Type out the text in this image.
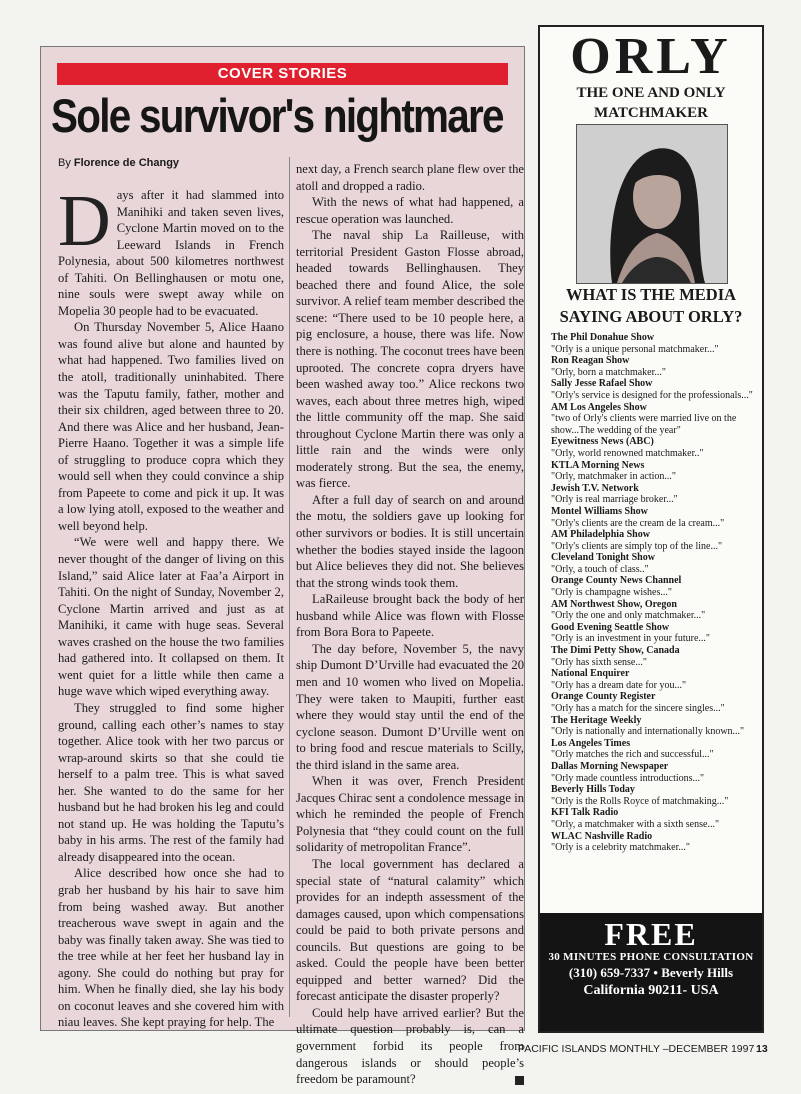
COVER STORIES
Sole survivor's nightmare
By Florence de Changy

Days after it had slammed into Manihiki and taken seven lives, Cyclone Martin moved on to the Leeward Islands in French Polynesia, about 500 kilometres northwest of Tahiti. On Bellinghausen or motu one, nine souls were swept away while on Mopelia 30 people had to be evacuated.

On Thursday November 5, Alice Haano was found alive but alone and haunted by what had happened. Two families lived on the atoll, traditionally uninhabited. There was the Taputu family, father, mother and their six children, aged between three to 20. And there was Alice and her husband, Jean-Pierre Haano. Together it was a simple life of struggling to produce copra which they would sell when they could convince a ship from Papeete to come and pick it up. It was a low lying atoll, exposed to the weather and well beyond help.

“We were well and happy there. We never thought of the danger of living on this Island,” said Alice later at Faa’a Airport in Tahiti. On the night of Sunday, November 2, Cyclone Martin arrived and just as at Manihiki, it came with huge seas. Several waves crashed on the house the two families had gathered into. It collapsed on them. It went quiet for a little while then came a huge wave which wiped everything away.

They struggled to find some higher ground, calling each other’s names to stay together. Alice took with her two parcus or wrap-around skirts so that she could tie herself to a palm tree. This is what saved her. She wanted to do the same for her husband but he had broken his leg and could not stand up. He was holding the Taputu’s baby in his arms. The rest of the family had already disappeared into the ocean.

Alice described how once she had to grab her husband by his hair to save him from being washed away. But another treacherous wave swept in again and the baby was finally taken away. She was tied to the tree while at her feet her husband lay in agony. She could do nothing but pray for him. When he finally died, she lay his body on coconut leaves and she covered him with niau leaves. She kept praying for help. The

next day, a French search plane flew over the atoll and dropped a radio.

With the news of what had happened, a rescue operation was launched.

The naval ship La Railleuse, with territorial President Gaston Flosse abroad, headed towards Bellinghausen. They beached there and found Alice, the sole survivor. A relief team member described the scene: “There used to be 10 people here, a pig enclosure, a house, there was life. Now there is nothing. The coconut trees have been uprooted. The concrete copra dryers have been washed away too.” Alice reckons two waves, each about three metres high, wiped the little community off the map. She said throughout Cyclone Martin there was only a little rain and the winds were only moderately strong. But the sea, the enemy, was fierce.

After a full day of search on and around the motu, the soldiers gave up looking for other survivors or bodies. It is still uncertain whether the bodies stayed inside the lagoon but Alice believes they did not. She believes that the strong winds took them.

LaRaileuse brought back the body of her husband while Alice was flown with Flosse from Bora Bora to Papeete.

The day before, November 5, the navy ship Dumont D’Urville had evacuated the 20 men and 10 women who lived on Mopelia. They were taken to Maupiti, further east where they would stay until the end of the cyclone season. Dumont D’Urville went on to bring food and rescue materials to Scilly, the third island in the same area.

When it was over, French President Jacques Chirac sent a condolence message in which he reminded the people of French Polynesia that “they could count on the full solidarity of metropolitan France”.

The local government has declared a special state of “natural calamity” which provides for an indepth assessment of the damages caused, upon which compensations could be paid to both private persons and councils. But questions are going to be asked. Could the people have been better equipped and better warned? Did the forecast anticipate the disaster properly?

Could help have arrived earlier? But the ultimate question probably is, can a government forbid its people from dangerous islands or should people’s freedom be paramount?

ORLY
THE ONE AND ONLY
MATCHMAKER
WHAT IS THE MEDIA
SAYING ABOUT ORLY?
The Phil Donahue Show
"Orly is a unique personal matchmaker..."
Ron Reagan Show
"Orly, born a matchmaker..."
Sally Jesse Rafael Show
"Orly's service is designed for the professionals..."
AM Los Angeles Show
"two of Orly's clients were married live on the
show...The wedding of the year"
Eyewitness News (ABC)
"Orly, world renowned matchmaker.."
KTLA Morning News
"Orly, matchmaker in action..."
Jewish T.V. Network
"Orly is real marriage broker..."
Montel Williams Show
"Orly's clients are the cream de la cream..."
AM Philadelphia Show
"Orly's clients are simply top of the line..."
Cleveland Tonight Show
"Orly, a touch of class.."
Orange County News Channel
"Orly is champagne wishes..."
AM Northwest Show, Oregon
"Orly the one and only matchmaker..."
Good Evening Seattle Show
"Orly is an investment in your future..."
The Dimi Petty Show, Canada
"Orly has sixth sense..."
National Enquirer
"Orly has a dream date for you..."
Orange County Register
"Orly has a match for the sincere singles..."
The Heritage Weekly
"Orly is nationally and internationally known..."
Los Angeles Times
"Orly matches the rich and successful..."
Dallas Morning Newspaper
"Orly made countless introductions..."
Beverly Hills Today
"Orly is the Rolls Royce of matchmaking..."
KFI Talk Radio
"Orly, a matchmaker with a sixth sense..."
WLAC Nashville Radio
"Orly is a celebrity matchmaker..."
FREE
30 MINUTES PHONE CONSULTATION
(310) 659-7337 • Beverly Hills
California 90211- USA
PACIFIC ISLANDS MONTHLY –DECEMBER 1997 13
